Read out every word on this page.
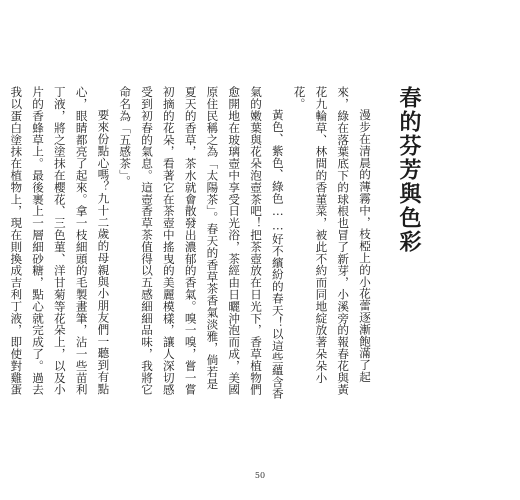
春的芬芳與色彩

漫步在清晨的薄霧中，枝椏上的小花蕾逐漸飽滿了起來，綠在落葉底下的球根也冒了新芽，小溪旁的報春花與黃花九輪草、林間的香菫菜，被此不約而同地綻放著朵朵小花。

黃色、紫色、綠色……好不繽紛的春天！以這些蘊含香氣的嫩葉與花朵泡壺茶吧！把茶壺放在日光下，香草植物們愈開地在玻璃壺中享受日光浴，茶經由日曬沖泡而成，美國原住民稱之為「太陽茶」。春天的香草茶香氣淡雅，倘若是夏天的香草，茶水就會散發出濃郁的香氣。嗅一嗅，嘗一嘗初摘的花朵，看著它在茶壺中搖曳的美麗模樣，讓人深切感受到初春的氣息。這壺香草茶值得以五感細細品味，我將它命名為「五感茶」。

要來份點心嗎？九十二歲的母親與小朋友們一聽到有點心，眼睛都亮了起來。拿一枝細頭的毛製畫筆，沾一些苗利丁液，將之塗抹在櫻花、三色菫、洋甘菊等花朵上，以及小片的香蜂草上。最後裹上一層細砂糖，點心就完成了。過去我以蛋白塗抹在植物上，現在則換成吉利丁液，即使對雞蛋

50
